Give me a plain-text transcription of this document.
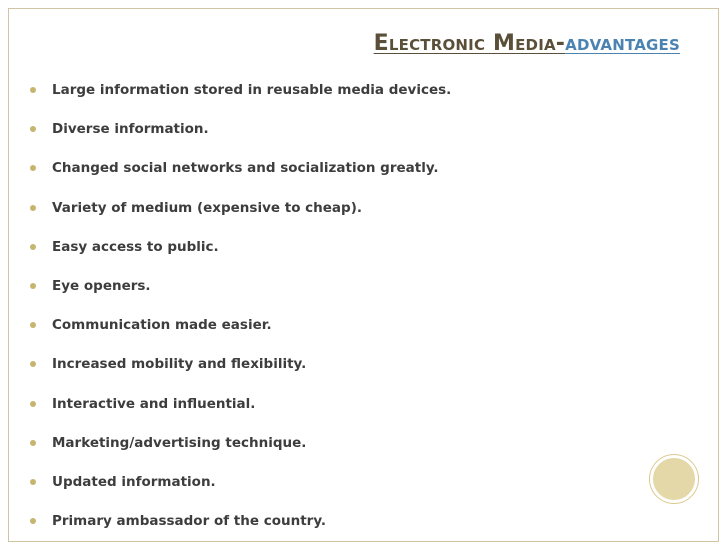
Electronic Media-advantages
Large information stored in reusable media devices.
Diverse information.
Changed social networks and socialization greatly.
Variety of medium (expensive to cheap).
Easy access to public.
Eye openers.
Communication made easier.
Increased mobility and flexibility.
Interactive and influential.
Marketing/advertising technique.
Updated information.
Primary ambassador of the country.
